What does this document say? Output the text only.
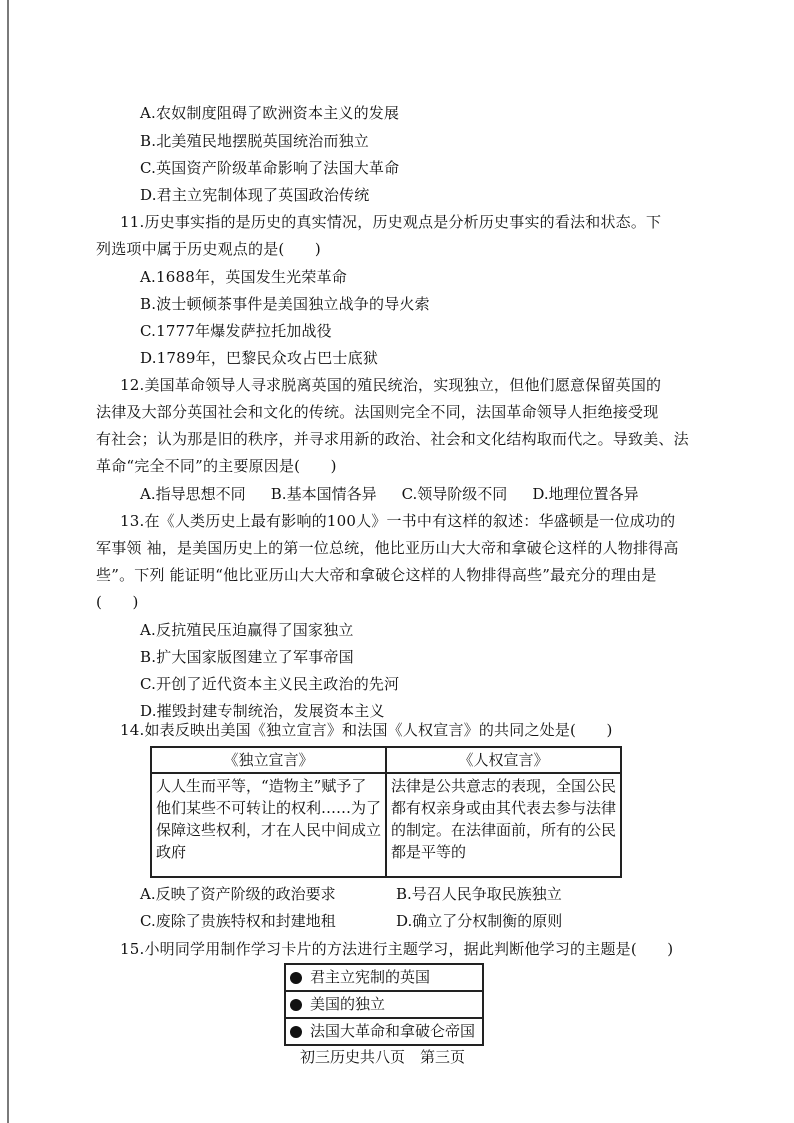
A.农奴制度阻碍了欧洲资本主义的发展
B.北美殖民地摆脱英国统治而独立
C.英国资产阶级革命影响了法国大革命
D.君主立宪制体现了英国政治传统
11.历史事实指的是历史的真实情况，历史观点是分析历史事实的看法和状态。下
列选项中属于历史观点的是(　　)
A.1688年，英国发生光荣革命
B.波士顿倾茶事件是美国独立战争的导火索
C.1777年爆发萨拉托加战役
D.1789年，巴黎民众攻占巴士底狱
12.美国革命领导人寻求脱离英国的殖民统治，实现独立，但他们愿意保留英国的
法律及大部分英国社会和文化的传统。法国则完全不同，法国革命领导人拒绝接受现
有社会；认为那是旧的秩序，并寻求用新的政治、社会和文化结构取而代之。导致美、法
革命“完全不同”的主要原因是(　　)
A.指导思想不同 B.基本国情各异 C.领导阶级不同 D.地理位置各异
13.在《人类历史上最有影响的100人》一书中有这样的叙述：华盛顿是一位成功的
军事领 袖，是美国历史上的第一位总统，他比亚历山大大帝和拿破仑这样的人物排得高
些”。下列 能证明“他比亚历山大大帝和拿破仑这样的人物排得高些”最充分的理由是
(　　)
A.反抗殖民压迫赢得了国家独立
B.扩大国家版图建立了军事帝国
C.开创了近代资本主义民主政治的先河
D.摧毁封建专制统治，发展资本主义
14.如表反映出美国《独立宣言》和法国《人权宣言》的共同之处是(　　)
《独立宣言》	《人权宣言》
人人生而平等，“造物主”赋予了他们某些不可转让的权利……为了保障这些权利，才在人民中间成立政府	法律是公共意志的表现，全国公民都有权亲身或由其代表去参与法律的制定。在法律面前，所有的公民都是平等的
A.反映了资产阶级的政治要求	B.号召人民争取民族独立
C.废除了贵族特权和封建地租	D.确立了分权制衡的原则
15.小明同学用制作学习卡片的方法进行主题学习，据此判断他学习的主题是(　　)
君主立宪制的英国
美国的独立
法国大革命和拿破仑帝国
初三历史共八页　第三页
